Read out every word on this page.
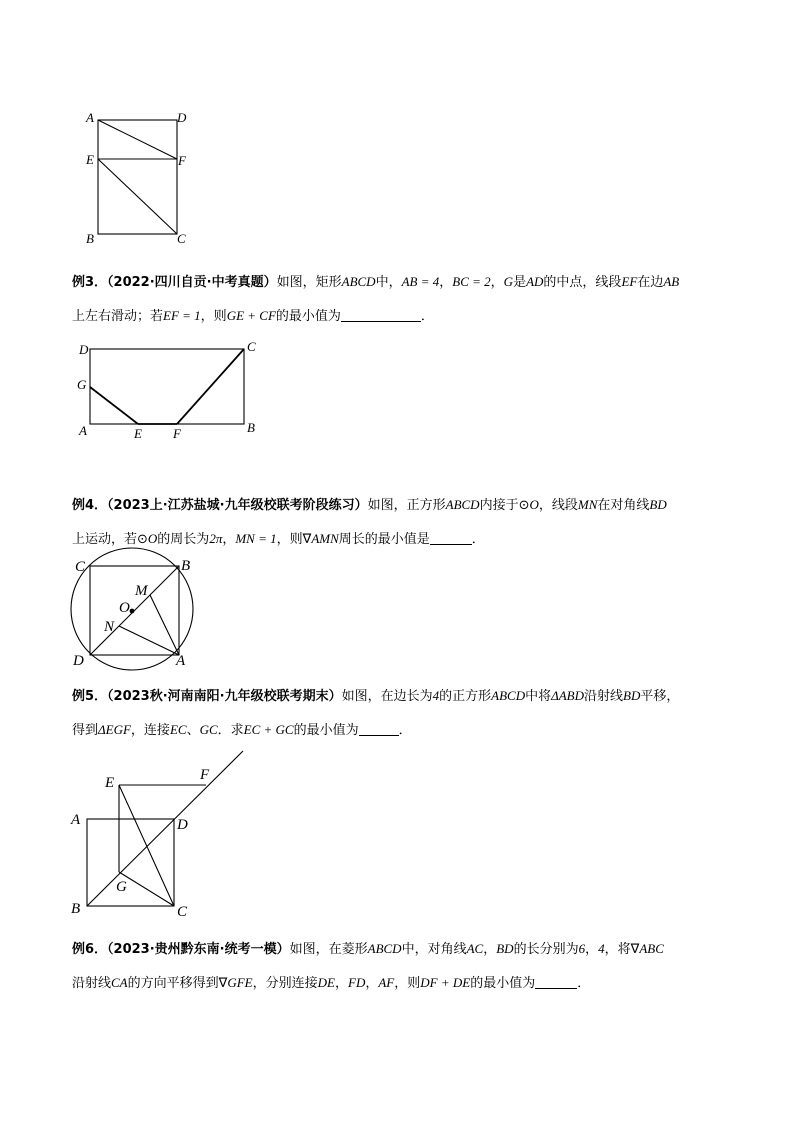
A	D
E	F
B	C
例3．（2022·四川自贡·中考真题）如图，矩形ABCD中，AB = 4，BC = 2，G是AD的中点，线段EF在边AB
上左右滑动；若EF = 1，则GE + CF的最小值为	．
D	C
G
A	E F	B
例4．（2023上·江苏盐城·九年级校联考阶段练习）如图，正方形ABCD内接于⊙O，线段MN在对角线BD
上运动，若⊙O的周长为2π，MN = 1，则∇AMN周长的最小值是	．
C	B
M
O
N
D	A
例5．（2023秋·河南南阳·九年级校联考期末）如图，在边长为4的正方形ABCD中将ΔABD沿射线BD平移，
得到ΔEGF，连接EC、GC．求EC + GC的最小值为	．
E	F
A	D
G
B	C
例6．（2023·贵州黔东南·统考一模）如图，在菱形ABCD中，对角线AC，BD的长分别为6，4，将∇ABC
沿射线CA的方向平移得到∇GFE，分别连接DE，FD，AF，则DF + DE的最小值为	．
